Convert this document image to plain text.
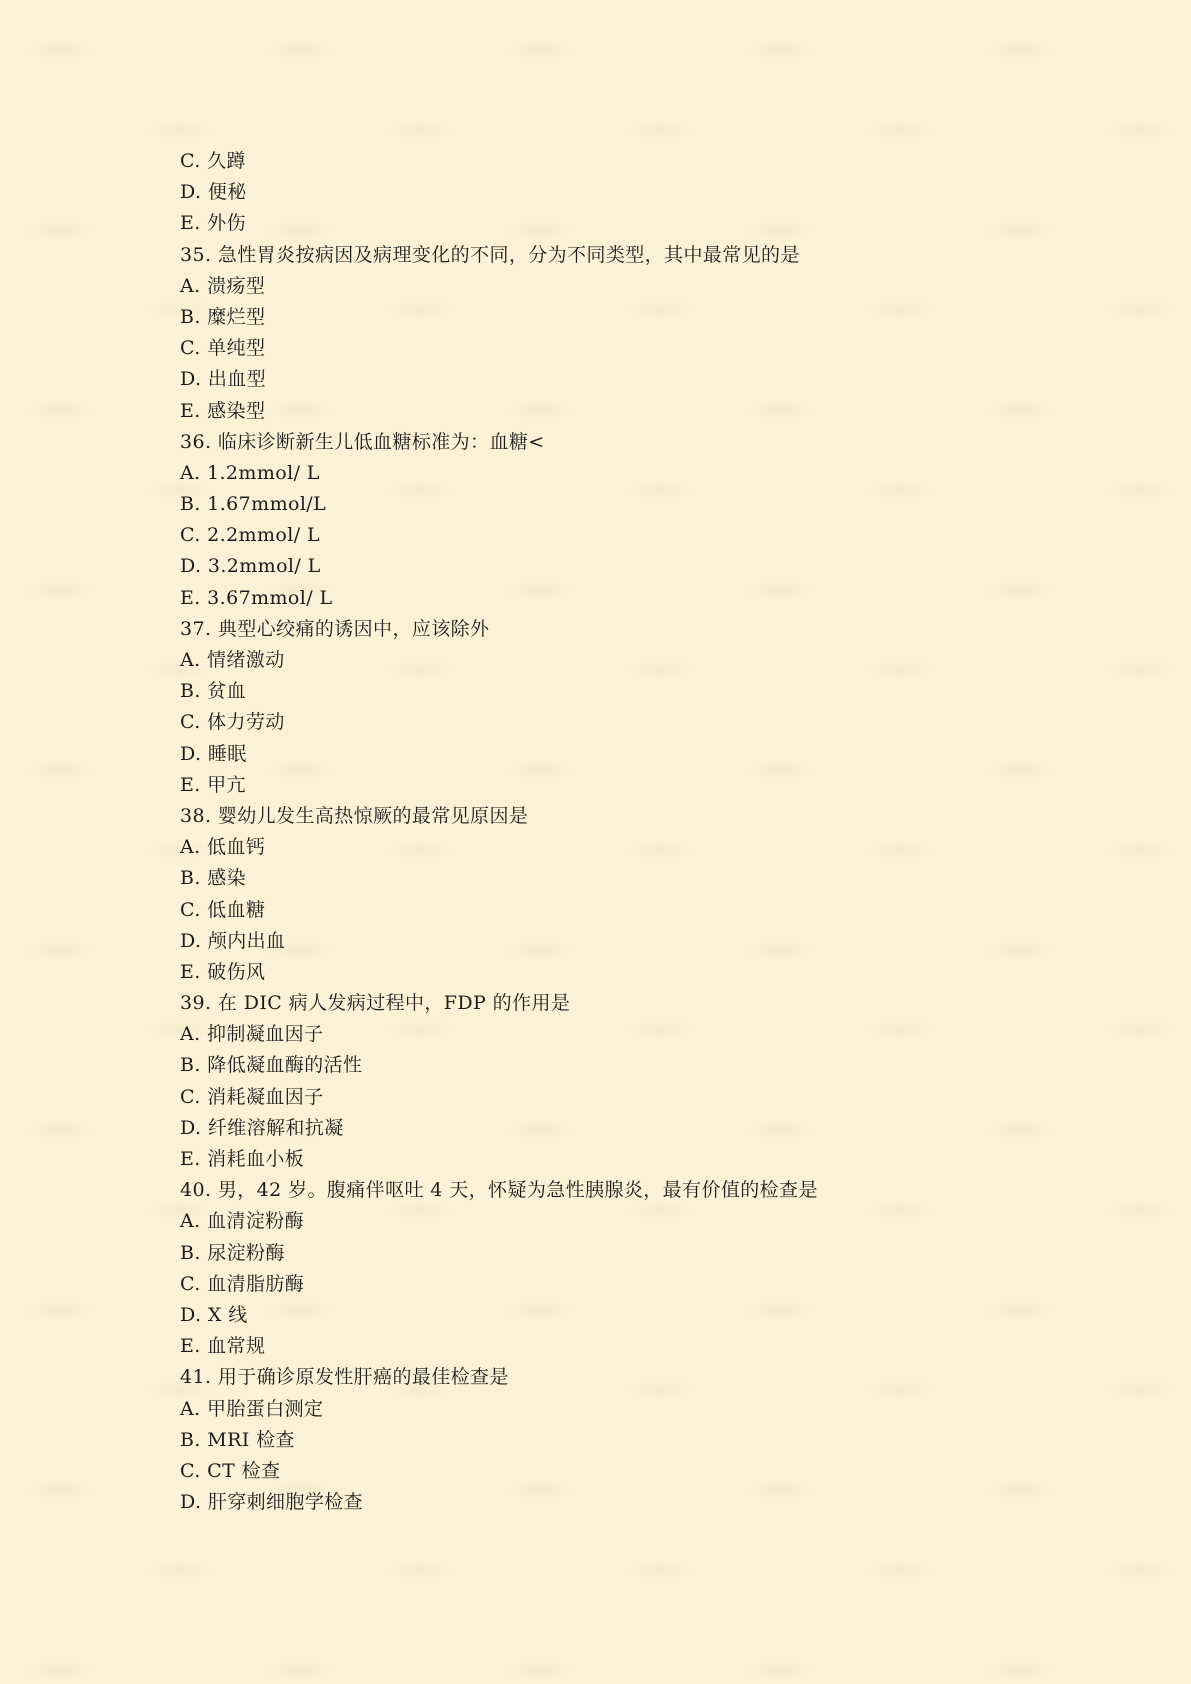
C. 久蹲
D. 便秘
E. 外伤
35. 急性胃炎按病因及病理变化的不同，分为不同类型，其中最常见的是
A. 溃疡型
B. 糜烂型
C. 单纯型
D. 出血型
E. 感染型
36. 临床诊断新生儿低血糖标准为：血糖<
A. 1.2mmol/ L
B. 1.67mmol/L
C. 2.2mmol/ L
D. 3.2mmol/ L
E. 3.67mmol/ L
37. 典型心绞痛的诱因中，应该除外
A. 情绪激动
B. 贫血
C. 体力劳动
D. 睡眠
E. 甲亢
38. 婴幼儿发生高热惊厥的最常见原因是
A. 低血钙
B. 感染
C. 低血糖
D. 颅内出血
E. 破伤风
39. 在 DIC 病人发病过程中，FDP 的作用是
A. 抑制凝血因子
B. 降低凝血酶的活性
C. 消耗凝血因子
D. 纤维溶解和抗凝
E. 消耗血小板
40. 男，42 岁。腹痛伴呕吐 4 天，怀疑为急性胰腺炎，最有价值的检查是
A. 血清淀粉酶
B. 尿淀粉酶
C. 血清脂肪酶
D. X 线
E. 血常规
41. 用于确诊原发性肝癌的最佳检查是
A. 甲胎蛋白测定
B. MRI 检查
C. CT 检查
D. 肝穿刺细胞学检查
